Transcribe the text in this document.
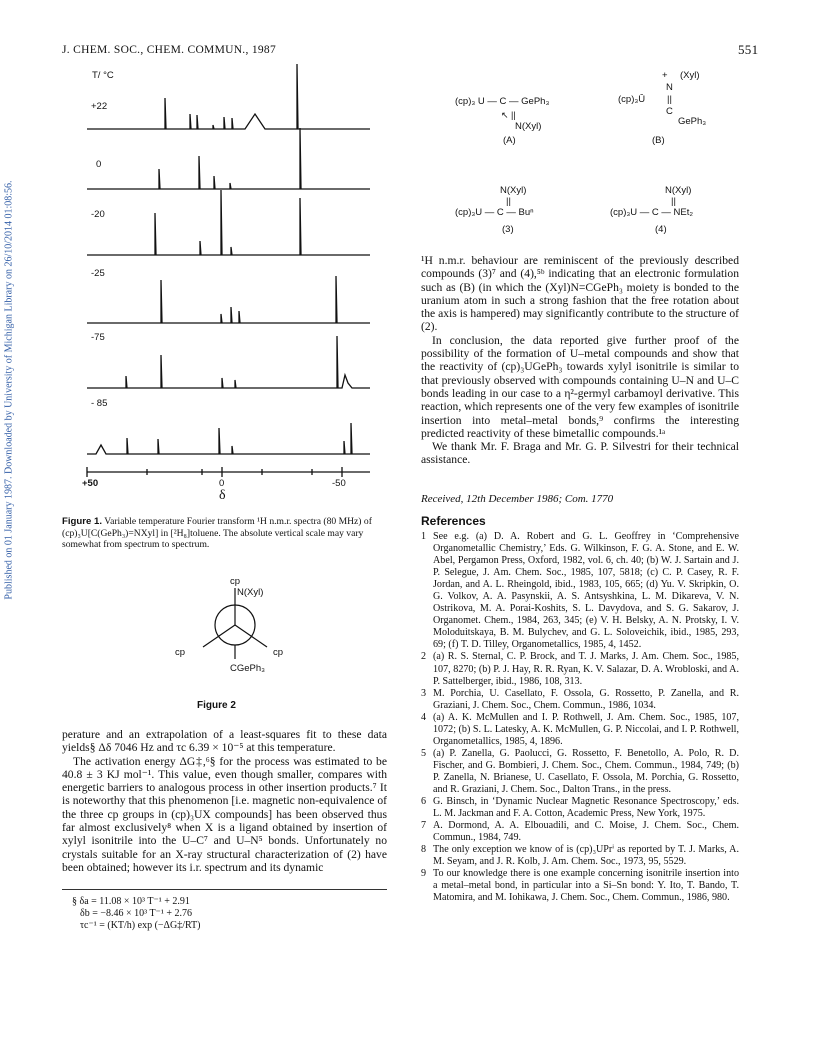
J. CHEM. SOC., CHEM. COMMUN., 1987	551
Published on 01 January 1987. Downloaded by University of Michigan Library on 26/10/2014 01:08:56.
T/ °C
+22
0
-20
-25
-75
- 85
+50	0	-50
δ
Figure 1. Variable temperature Fourier transform ¹H n.m.r. spectra (80 MHz) of (cp)₃U[C(GePh₃)=NXyl] in [²H₈]toluene. The absolute vertical scale may vary somewhat from spectrum to spectrum.
cp
N(Xyl)
cp	cp
CGePh₃
Figure 2

perature and an extrapolation of a least-squares fit to these data yields§ Δδ 7046 Hz and τc 6.39 × 10⁻⁵ at this temperature.

The activation energy ΔG‡,⁶§ for the process was estimated to be 40.8 ± 3 KJ mol⁻¹. This value, even though smaller, compares with energetic barriers to analogous process in other insertion products.⁷ It is noteworthy that this phenomenon [i.e. magnetic non-equivalence of the three cp groups in (cp)₃UX compounds] has been observed thus far almost exclusively⁸ when X is a ligand obtained by insertion of xylyl isonitrile into the U–C⁷ and U–N⁵ bonds. Unfortunately no crystals suitable for an X-ray structural characterization of (2) have been obtained; however its i.r. spectrum and its dynamic

§ δa = 11.08 × 10³ T⁻¹ + 2.91
δb = −8.46 × 10³ T⁻¹ + 2.76
τc⁻¹ = (KT/h) exp (−ΔG‡/RT)
(cp)₃ U — C — GePh₃
↖ ||
N(Xyl)
(A)
+ (Xyl)
N
(cp)₃Ū ||
C
GePh₃
(B)
N(Xyl)
||
(cp)₃U — C — Buⁿ
(3)
N(Xyl)
||
(cp)₃U — C — NEt₂
(4)

¹H n.m.r. behaviour are reminiscent of the previously described compounds (3)⁷ and (4),⁵ᵇ indicating that an electronic formulation such as (B) (in which the (Xyl)N=CGePh₃ moiety is bonded to the uranium atom in such a strong fashion that the free rotation about the axis is hampered) may significantly contribute to the structure of (2).

In conclusion, the data reported give further proof of the possibility of the formation of U–metal compounds and show that the reactivity of (cp)₃UGePh₃ towards xylyl isonitrile is similar to that previously observed with compounds containing U–N and U–C bonds leading in our case to a η²-germyl carbamoyl derivative. This reaction, which represents one of the very few examples of isonitrile insertion into metal–metal bonds,⁹ confirms the interesting predicted reactivity of these bimetallic compounds.¹ᵃ

We thank Mr. F. Braga and Mr. G. P. Silvestri for their technical assistance.

Received, 12th December 1986; Com. 1770
References
1 See e.g. (a) D. A. Robert and G. L. Geoffrey in ‘Comprehensive Organometallic Chemistry,’ Eds. G. Wilkinson, F. G. A. Stone, and E. W. Abel, Pergamon Press, Oxford, 1982, vol. 6, ch. 40; (b) W. J. Sartain and J. P. Selegue, J. Am. Chem. Soc., 1985, 107, 5818; (c) C. P. Casey, R. F. Jordan, and A. L. Rheingold, ibid., 1983, 105, 665; (d) Yu. V. Skripkin, O. G. Volkov, A. A. Pasynskii, A. S. Antsyshkina, L. M. Dikareva, V. N. Ostrikova, M. A. Porai-Koshits, S. L. Davydova, and S. G. Sakarov, J. Organomet. Chem., 1984, 263, 345; (e) V. H. Belsky, A. N. Protsky, I. V. Moloduitskaya, B. M. Bulychev, and G. L. Soloveichik, ibid., 1985, 293, 69; (f) T. D. Tilley, Organometallics, 1985, 4, 1452.
2 (a) R. S. Sternal, C. P. Brock, and T. J. Marks, J. Am. Chem. Soc., 1985, 107, 8270; (b) P. J. Hay, R. R. Ryan, K. V. Salazar, D. A. Wrobloski, and A. P. Sattelberger, ibid., 1986, 108, 313.
3 M. Porchia, U. Casellato, F. Ossola, G. Rossetto, P. Zanella, and R. Graziani, J. Chem. Soc., Chem. Commun., 1986, 1034.
4 (a) A. K. McMullen and I. P. Rothwell, J. Am. Chem. Soc., 1985, 107, 1072; (b) S. L. Latesky, A. K. McMullen, G. P. Niccolai, and I. P. Rothwell, Organometallics, 1985, 4, 1896.
5 (a) P. Zanella, G. Paolucci, G. Rossetto, F. Benetollo, A. Polo, R. D. Fischer, and G. Bombieri, J. Chem. Soc., Chem. Commun., 1984, 749; (b) P. Zanella, N. Brianese, U. Casellato, F. Ossola, M. Porchia, G. Rossetto, and R. Graziani, J. Chem. Soc., Dalton Trans., in the press.
6 G. Binsch, in ‘Dynamic Nuclear Magnetic Resonance Spectroscopy,’ eds. L. M. Jackman and F. A. Cotton, Academic Press, New York, 1975.
7 A. Dormond, A. A. Elbouadili, and C. Moise, J. Chem. Soc., Chem. Commun., 1984, 749.
8 The only exception we know of is (cp)₃UPrⁱ as reported by T. J. Marks, A. M. Seyam, and J. R. Kolb, J. Am. Chem. Soc., 1973, 95, 5529.
9 To our knowledge there is one example concerning isonitrile insertion into a metal–metal bond, in particular into a Si–Sn bond: Y. Ito, T. Bando, T. Matomira, and M. Iohikawa, J. Chem. Soc., Chem. Commun., 1986, 980.
